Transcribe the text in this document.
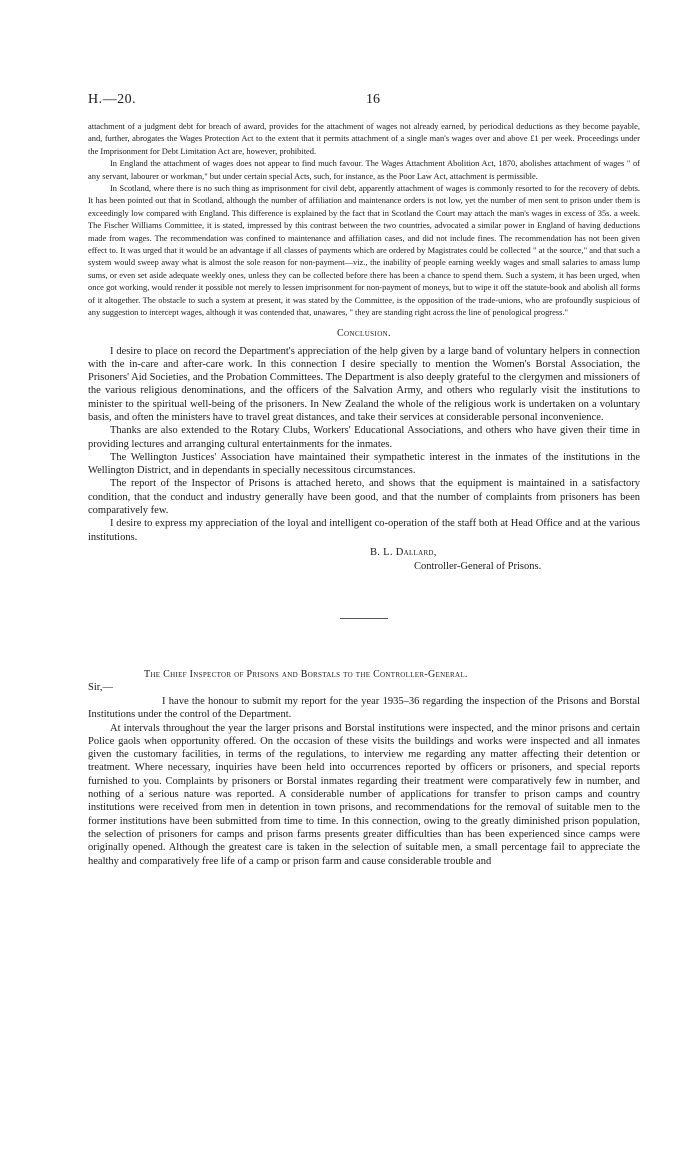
H.—20.	16

attachment of a judgment debt for breach of award, provides for the attachment of wages not already earned, by periodical deductions as they become payable, and, further, abrogates the Wages Protection Act to the extent that it permits attachment of a single man's wages over and above £1 per week. Proceedings under the Imprisonment for Debt Limitation Act are, however, prohibited.

In England the attachment of wages does not appear to find much favour. The Wages Attachment Abolition Act, 1870, abolishes attachment of wages " of any servant, labourer or workman," but under certain special Acts, such, for instance, as the Poor Law Act, attachment is permissible.

In Scotland, where there is no such thing as imprisonment for civil debt, apparently attachment of wages is commonly resorted to for the recovery of debts. It has been pointed out that in Scotland, although the number of affiliation and maintenance orders is not low, yet the number of men sent to prison under them is exceedingly low compared with England. This difference is explained by the fact that in Scotland the Court may attach the man's wages in excess of 35s. a week. The Fischer Williams Committee, it is stated, impressed by this contrast between the two countries, advocated a similar power in England of having deductions made from wages. The recommendation was confined to maintenance and affiliation cases, and did not include fines. The recommendation has not been given effect to. It was urged that it would be an advantage if all classes of payments which are ordered by Magistrates could be collected " at the source," and that such a system would sweep away what is almost the sole reason for non-payment—viz., the inability of people earning weekly wages and small salaries to amass lump sums, or even set aside adequate weekly ones, unless they can be collected before there has been a chance to spend them. Such a system, it has been urged, when once got working, would render it possible not merely to lessen imprisonment for non-payment of moneys, but to wipe it off the statute-book and abolish all forms of it altogether. The obstacle to such a system at present, it was stated by the Committee, is the opposition of the trade-unions, who are profoundly suspicious of any suggestion to intercept wages, although it was contended that, unawares, " they are standing right across the line of penological progress."

Conclusion.

I desire to place on record the Department's appreciation of the help given by a large band of voluntary helpers in connection with the in-care and after-care work. In this connection I desire specially to mention the Women's Borstal Association, the Prisoners' Aid Societies, and the Probation Committees. The Department is also deeply grateful to the clergymen and missioners of the various religious denominations, and the officers of the Salvation Army, and others who regularly visit the institutions to minister to the spiritual well-being of the prisoners. In New Zealand the whole of the religious work is undertaken on a voluntary basis, and often the ministers have to travel great distances, and take their services at considerable personal inconvenience.

Thanks are also extended to the Rotary Clubs, Workers' Educational Associations, and others who have given their time in providing lectures and arranging cultural entertainments for the inmates.

The Wellington Justices' Association have maintained their sympathetic interest in the inmates of the institutions in the Wellington District, and in dependants in specially necessitous circumstances.

The report of the Inspector of Prisons is attached hereto, and shows that the equipment is maintained in a satisfactory condition, that the conduct and industry generally have been good, and that the number of complaints from prisoners has been comparatively few.

I desire to express my appreciation of the loyal and intelligent co-operation of the staff both at Head Office and at the various institutions.

B. L. Dallard,
Controller-General of Prisons.
The Chief Inspector of Prisons and Borstals to the Controller-General.
Sir,—

I have the honour to submit my report for the year 1935–36 regarding the inspection of the Prisons and Borstal Institutions under the control of the Department.

At intervals throughout the year the larger prisons and Borstal institutions were inspected, and the minor prisons and certain Police gaols when opportunity offered. On the occasion of these visits the buildings and works were inspected and all inmates given the customary facilities, in terms of the regulations, to interview me regarding any matter affecting their detention or treatment. Where necessary, inquiries have been held into occurrences reported by officers or prisoners, and special reports furnished to you. Complaints by prisoners or Borstal inmates regarding their treatment were comparatively few in number, and nothing of a serious nature was reported. A considerable number of applications for transfer to prison camps and country institutions were received from men in detention in town prisons, and recommendations for the removal of suitable men to the former institutions have been submitted from time to time. In this connection, owing to the greatly diminished prison population, the selection of prisoners for camps and prison farms presents greater difficulties than has been experienced since camps were originally opened. Although the greatest care is taken in the selection of suitable men, a small percentage fail to appreciate the healthy and comparatively free life of a camp or prison farm and cause considerable trouble and
